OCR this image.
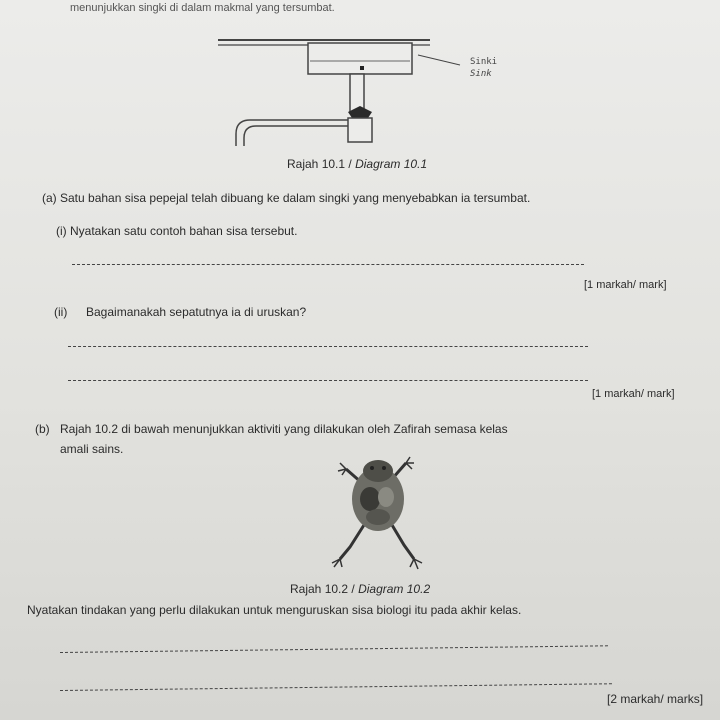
menunjukkan singki di dalam makmal yang tersumbat.
Sinki
Sink
Rajah 10.1 / Diagram 10.1
(a) Satu bahan sisa pepejal telah dibuang ke dalam singki yang menyebabkan ia tersumbat.
(i) Nyatakan satu contoh bahan sisa tersebut.
[1 markah/ mark]
(ii) Bagaimanakah sepatutnya ia di uruskan?
[1 markah/ mark]
(b) Rajah 10.2 di bawah menunjukkan aktiviti yang dilakukan oleh Zafirah semasa kelas
amali sains.
Rajah 10.2 / Diagram 10.2
Nyatakan tindakan yang perlu dilakukan untuk menguruskan sisa biologi itu pada akhir kelas.
[2 markah/ marks]
